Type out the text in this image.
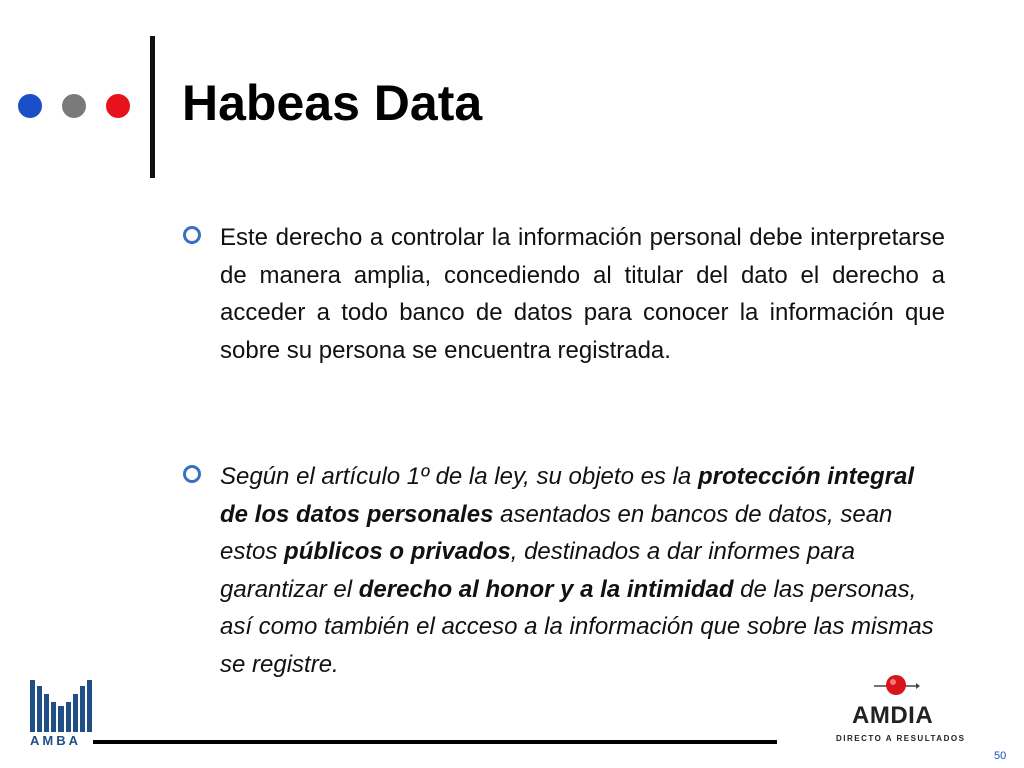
Habeas Data
Este derecho a controlar la información personal debe interpretarse de manera amplia, concediendo al titular del dato el derecho a acceder a todo banco de datos para conocer la información que sobre su persona se encuentra registrada.
Según el artículo 1º de la ley, su objeto es la protección integral de los datos personales asentados en bancos de datos, sean estos públicos o privados, destinados a dar informes para garantizar el derecho al honor y a la intimidad de las personas, así como también el acceso a la información que sobre las mismas se registre.
AMBA
AMDIA
DIRECTO A RESULTADOS
50
